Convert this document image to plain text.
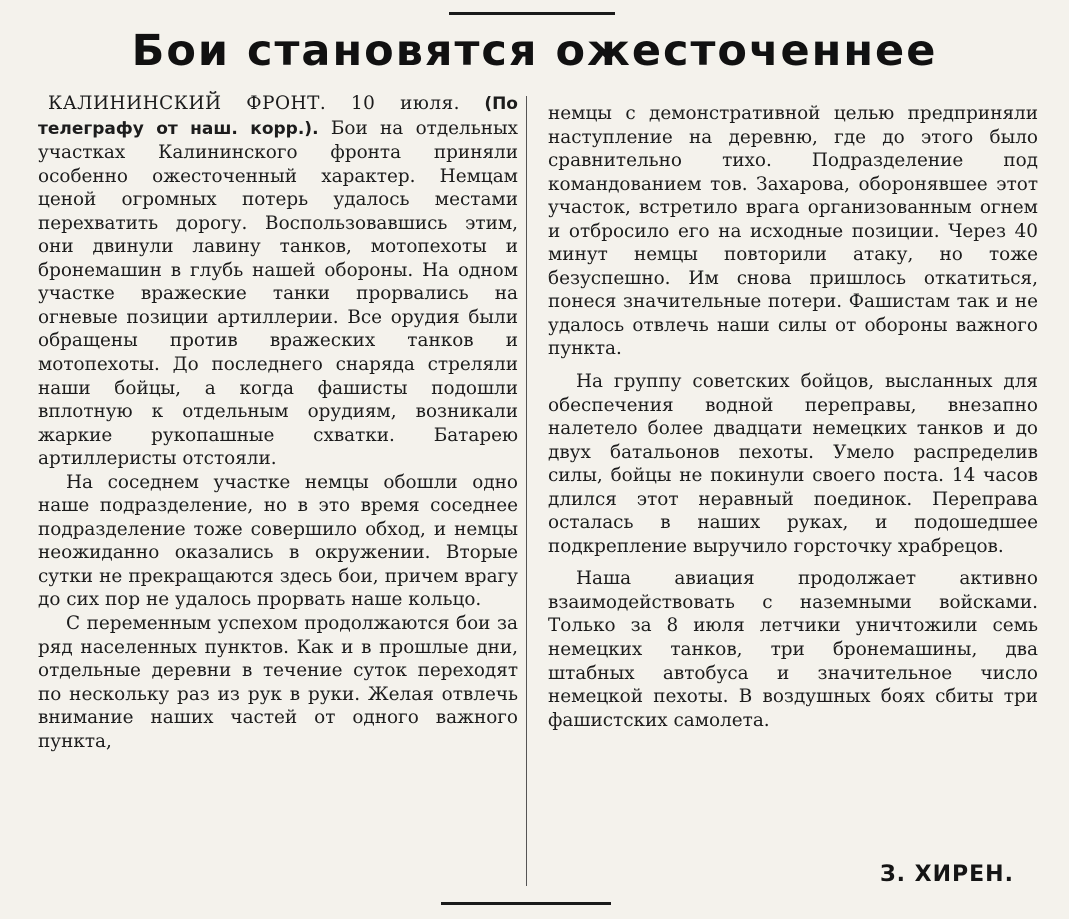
Бои становятся ожесточеннее

КАЛИНИНСКИЙ ФРОНТ. 10 июля. (По телеграфу от наш. корр.). Бои на отдельных участках Калининского фронта приняли особенно ожесточенный характер. Немцам ценой огромных потерь удалось местами перехватить дорогу. Воспользовавшись этим, они двинули лавину танков, мотопехоты и бронемашин в глубь нашей обороны. На одном участке вражеские танки прорвались на огневые позиции артиллерии. Все орудия были обращены против вражеских танков и мотопехоты. До последнего снаряда стреляли наши бойцы, а когда фашисты подошли вплотную к отдельным орудиям, возникали жаркие рукопашные схватки. Батарею артиллеристы отстояли.

На соседнем участке немцы обошли одно наше подразделение, но в это время соседнее подразделение тоже совершило обход, и немцы неожиданно оказались в окружении. Вторые сутки не прекращаются здесь бои, причем врагу до сих пор не удалось прорвать наше кольцо.

С переменным успехом продолжаются бои за ряд населенных пунктов. Как и в прошлые дни, отдельные деревни в течение суток переходят по нескольку раз из рук в руки. Желая отвлечь внимание наших частей от одного важного пункта,

немцы с демонстративной целью предприняли наступление на деревню, где до этого было сравнительно тихо. Подразделение под командованием тов. Захарова, оборонявшее этот участок, встретило врага организованным огнем и отбросило его на исходные позиции. Через 40 минут немцы повторили атаку, но тоже безуспешно. Им снова пришлось откатиться, понеся значительные потери. Фашистам так и не удалось отвлечь наши силы от обороны важного пункта.

На группу советских бойцов, высланных для обеспечения водной переправы, внезапно налетело более двадцати немецких танков и до двух батальонов пехоты. Умело распределив силы, бойцы не покинули своего поста. 14 часов длился этот неравный поединок. Переправа осталась в наших руках, и подошедшее подкрепление выручило горсточку храбрецов.

Наша авиация продолжает активно взаимодействовать с наземными войсками. Только за 8 июля летчики уничтожили семь немецких танков, три бронемашины, два штабных автобуса и значительное число немецкой пехоты. В воздушных боях сбиты три фашистских самолета.

З. ХИРЕН.
